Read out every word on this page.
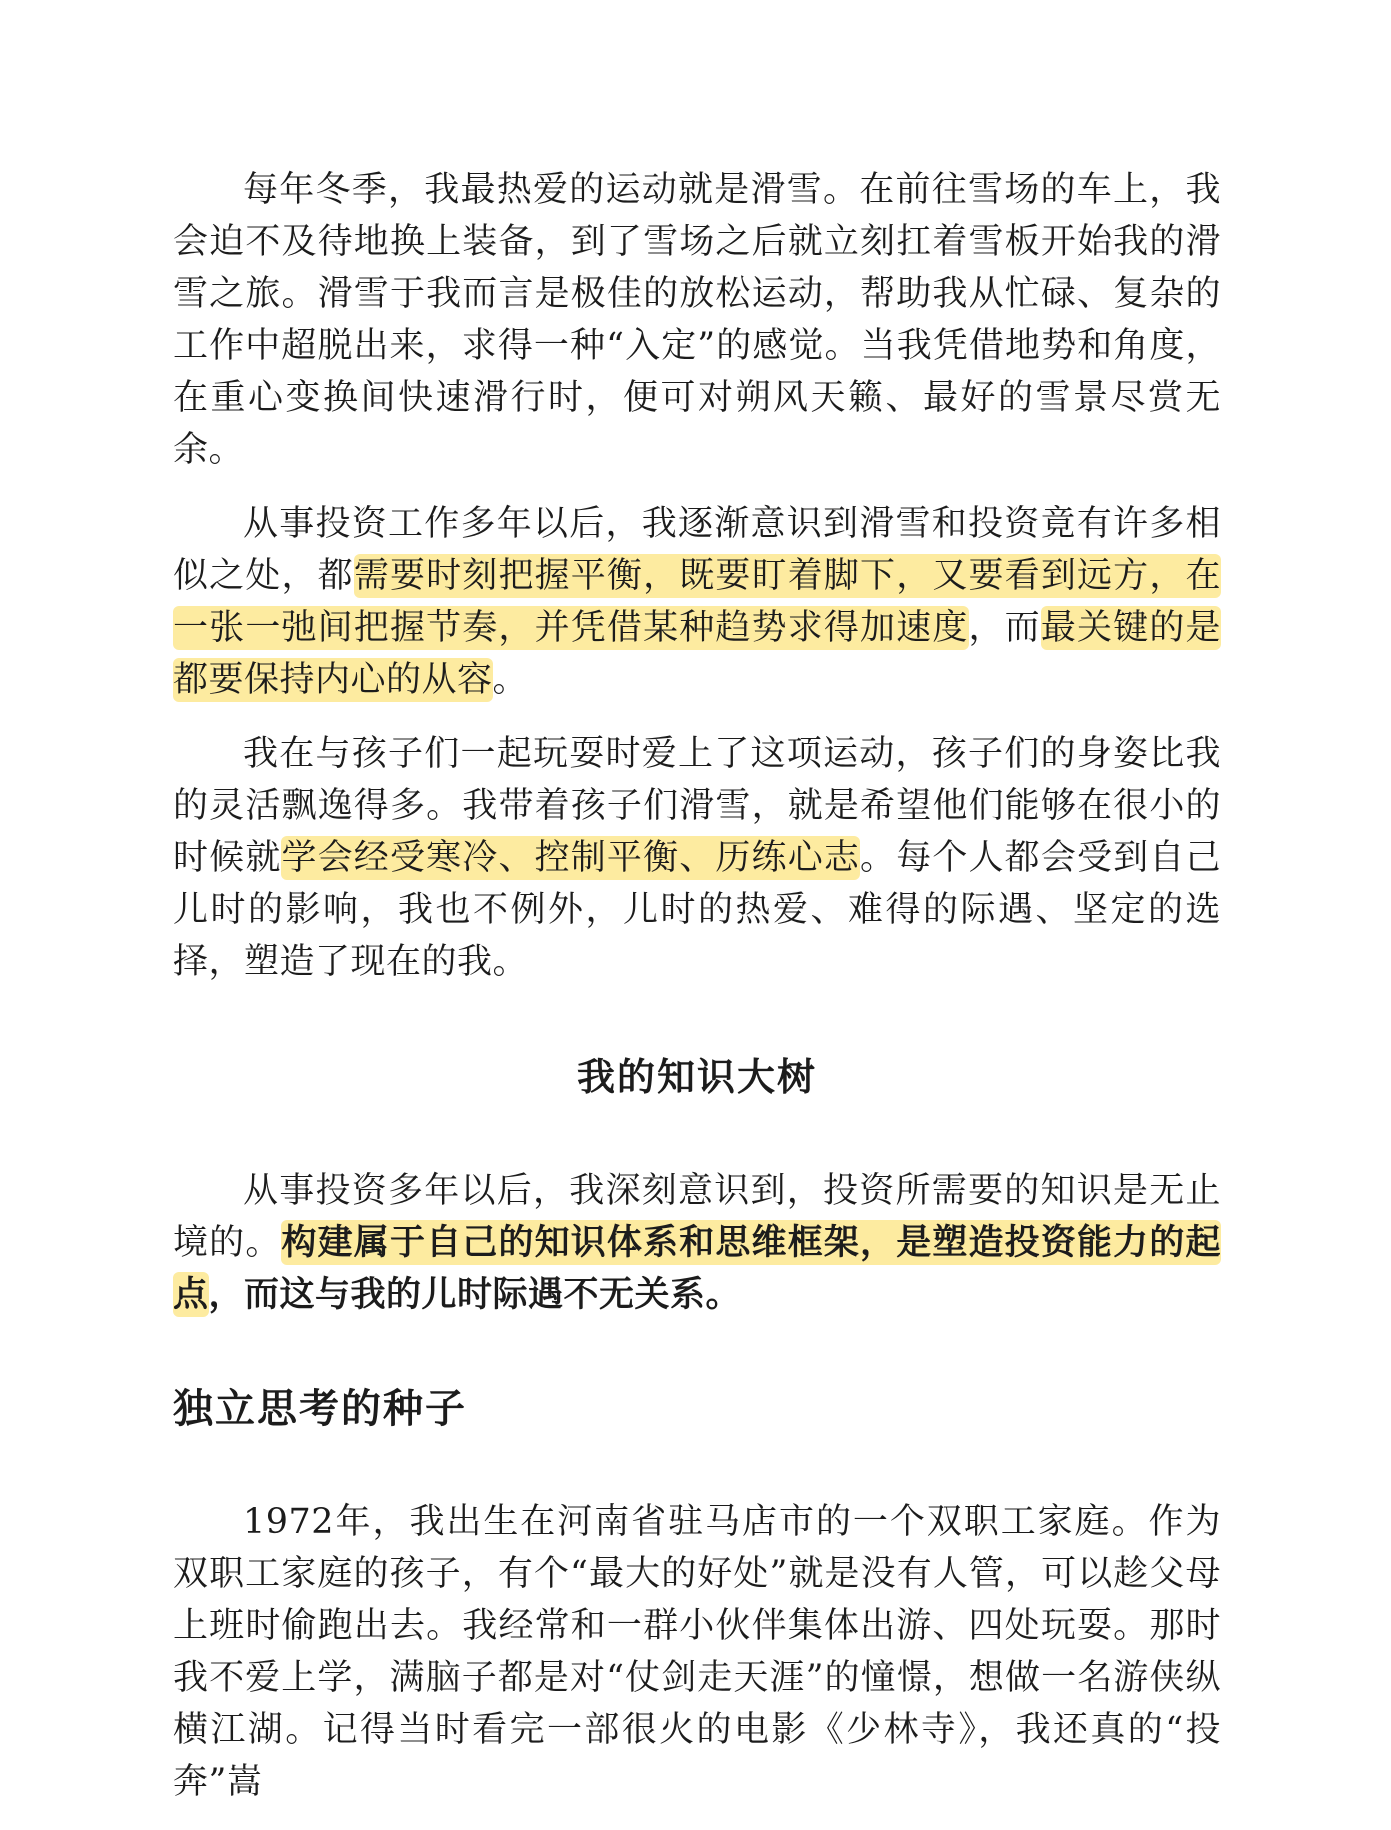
每年冬季，我最热爱的运动就是滑雪。在前往雪场的车上，我会迫不及待地换上装备，到了雪场之后就立刻扛着雪板开始我的滑雪之旅。滑雪于我而言是极佳的放松运动，帮助我从忙碌、复杂的工作中超脱出来，求得一种“入定”的感觉。当我凭借地势和角度，在重心变换间快速滑行时，便可对朔风天籁、最好的雪景尽赏无余。

从事投资工作多年以后，我逐渐意识到滑雪和投资竟有许多相似之处，都需要时刻把握平衡，既要盯着脚下，又要看到远方，在一张一弛间把握节奏，并凭借某种趋势求得加速度，而最关键的是都要保持内心的从容。

我在与孩子们一起玩耍时爱上了这项运动，孩子们的身姿比我的灵活飘逸得多。我带着孩子们滑雪，就是希望他们能够在很小的时候就学会经受寒冷、控制平衡、历练心志。每个人都会受到自己儿时的影响，我也不例外，儿时的热爱、难得的际遇、坚定的选择，塑造了现在的我。

我的知识大树

从事投资多年以后，我深刻意识到，投资所需要的知识是无止境的。构建属于自己的知识体系和思维框架，是塑造投资能力的起点，而这与我的儿时际遇不无关系。

独立思考的种子

1972年，我出生在河南省驻马店市的一个双职工家庭。作为双职工家庭的孩子，有个“最大的好处”就是没有人管，可以趁父母上班时偷跑出去。我经常和一群小伙伴集体出游、四处玩耍。那时我不爱上学，满脑子都是对“仗剑走天涯”的憧憬，想做一名游侠纵横江湖。记得当时看完一部很火的电影《少林寺》，我还真的“投奔”嵩
